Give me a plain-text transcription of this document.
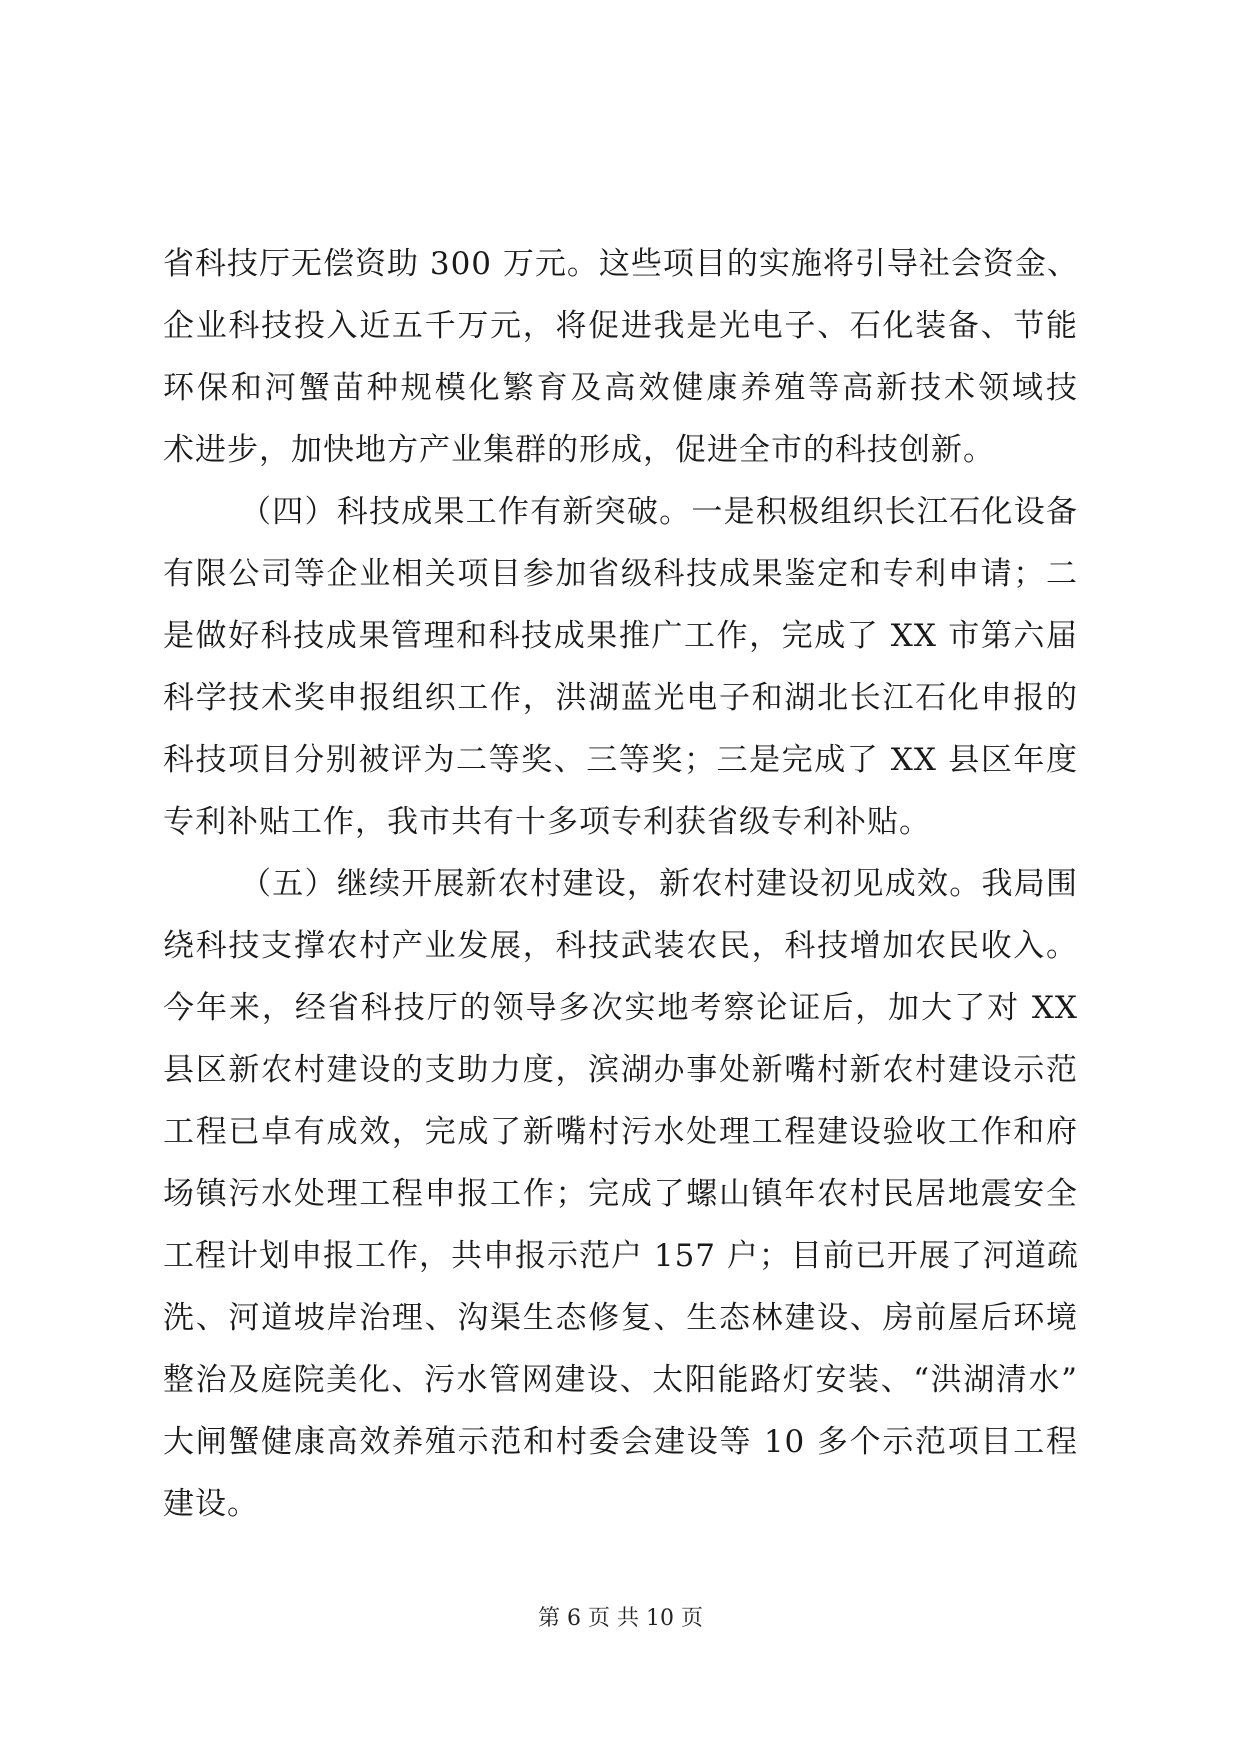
省科技厅无偿资助 300 万元。这些项目的实施将引导社会资金、
企业科技投入近五千万元，将促进我是光电子、石化装备、节能
环保和河蟹苗种规模化繁育及高效健康养殖等高新技术领域技
术进步，加快地方产业集群的形成，促进全市的科技创新。
（四）科技成果工作有新突破。一是积极组织长江石化设备
有限公司等企业相关项目参加省级科技成果鉴定和专利申请；二
是做好科技成果管理和科技成果推广工作，完成了 XX 市第六届
科学技术奖申报组织工作，洪湖蓝光电子和湖北长江石化申报的
科技项目分别被评为二等奖、三等奖；三是完成了 XX 县区年度
专利补贴工作，我市共有十多项专利获省级专利补贴。
（五）继续开展新农村建设，新农村建设初见成效。我局围
绕科技支撑农村产业发展，科技武装农民，科技增加农民收入。
今年来，经省科技厅的领导多次实地考察论证后，加大了对 XX
县区新农村建设的支助力度，滨湖办事处新嘴村新农村建设示范
工程已卓有成效，完成了新嘴村污水处理工程建设验收工作和府
场镇污水处理工程申报工作；完成了螺山镇年农村民居地震安全
工程计划申报工作，共申报示范户 157 户；目前已开展了河道疏
洗、河道坡岸治理、沟渠生态修复、生态林建设、房前屋后环境
整治及庭院美化、污水管网建设、太阳能路灯安装、“洪湖清水”
大闸蟹健康高效养殖示范和村委会建设等 10 多个示范项目工程
建设。
第 6 页 共 10 页
